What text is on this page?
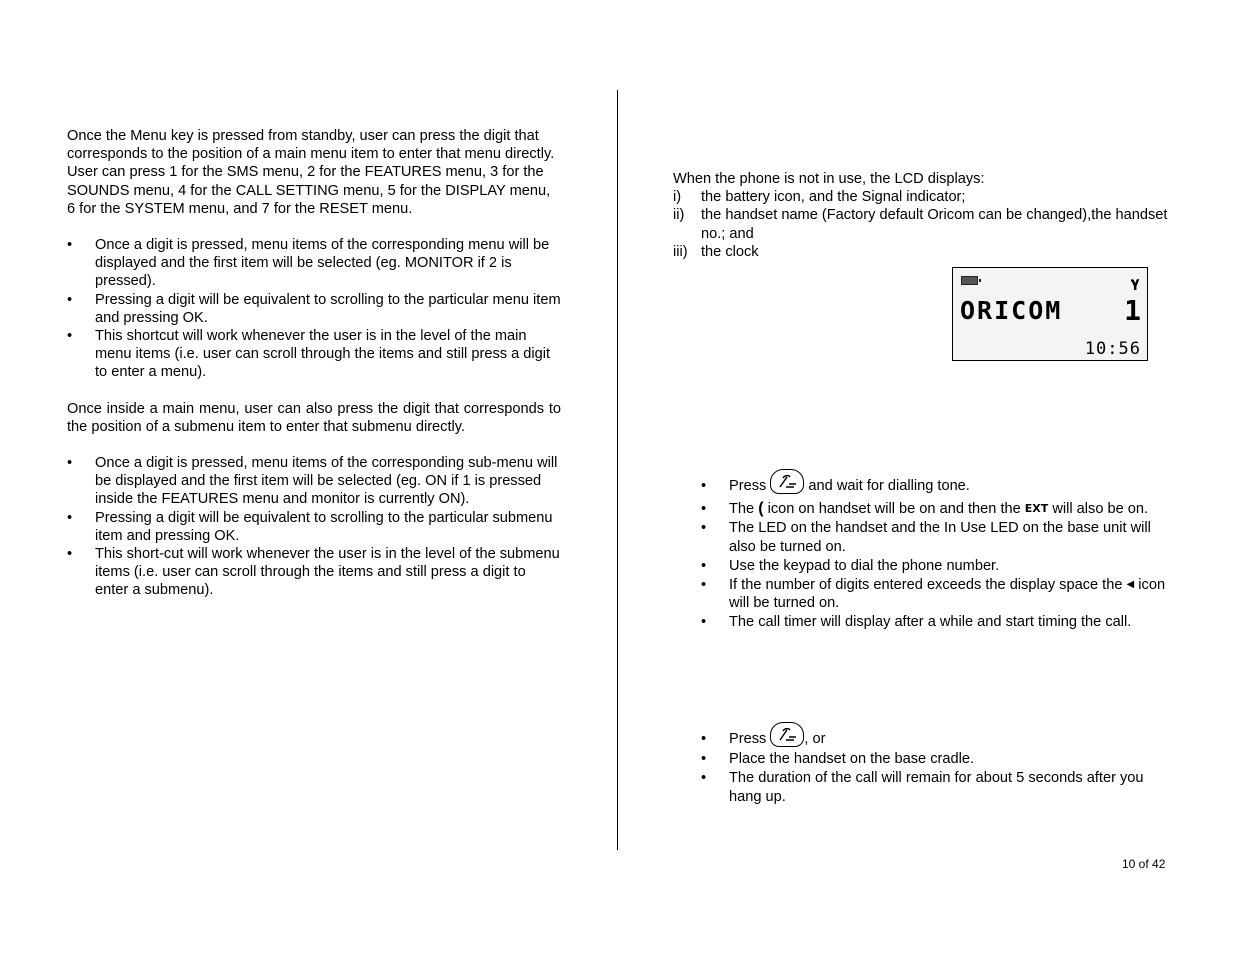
Once the Menu key is pressed from standby, user can press the digit that corresponds to the position of a main menu item to enter that menu directly. User can press 1 for the SMS menu, 2 for the FEATURES menu, 3 for the SOUNDS menu, 4 for the CALL SETTING menu, 5 for the DISPLAY menu, 6 for the SYSTEM menu, and 7 for the RESET menu.

• Once a digit is pressed, menu items of the corresponding menu will be displayed and the first item will be selected (eg. MONITOR if 2 is pressed).
• Pressing a digit will be equivalent to scrolling to the particular menu item and pressing OK.
• This shortcut will work whenever the user is in the level of the main menu items (i.e. user can scroll through the items and still press a digit to enter a menu).

Once inside a main menu, user can also press the digit that corresponds to the position of a submenu item to enter that submenu directly.

• Once a digit is pressed, menu items of the corresponding sub-menu will be displayed and the first item will be selected (eg. ON if 1 is pressed inside the FEATURES menu and monitor is currently ON).
• Pressing a digit will be equivalent to scrolling to the particular submenu item and pressing OK.
• This short-cut will work whenever the user is in the level of the submenu items (i.e. user can scroll through the items and still press a digit to enter a submenu).

When the phone is not in use, the LCD displays:

i) the battery icon, and the Signal indicator;
ii) the handset name (Factory default Oricom can be changed),the handset no.; and
iii) the clock
𝛄
ORICOM 1
10:56
• Press
and wait for dialling tone.
• The ( icon on handset will be on and then the EXT will also be on.
• The LED on the handset and the In Use LED on the base unit will also be turned on.
• Use the keypad to dial the phone number.
• If the number of digits entered exceeds the display space the ◀ icon will be turned on.
• The call timer will display after a while and start timing the call.
• Press
, or
• Place the handset on the base cradle.
• The duration of the call will remain for about 5 seconds after you hang up.
10 of 42
